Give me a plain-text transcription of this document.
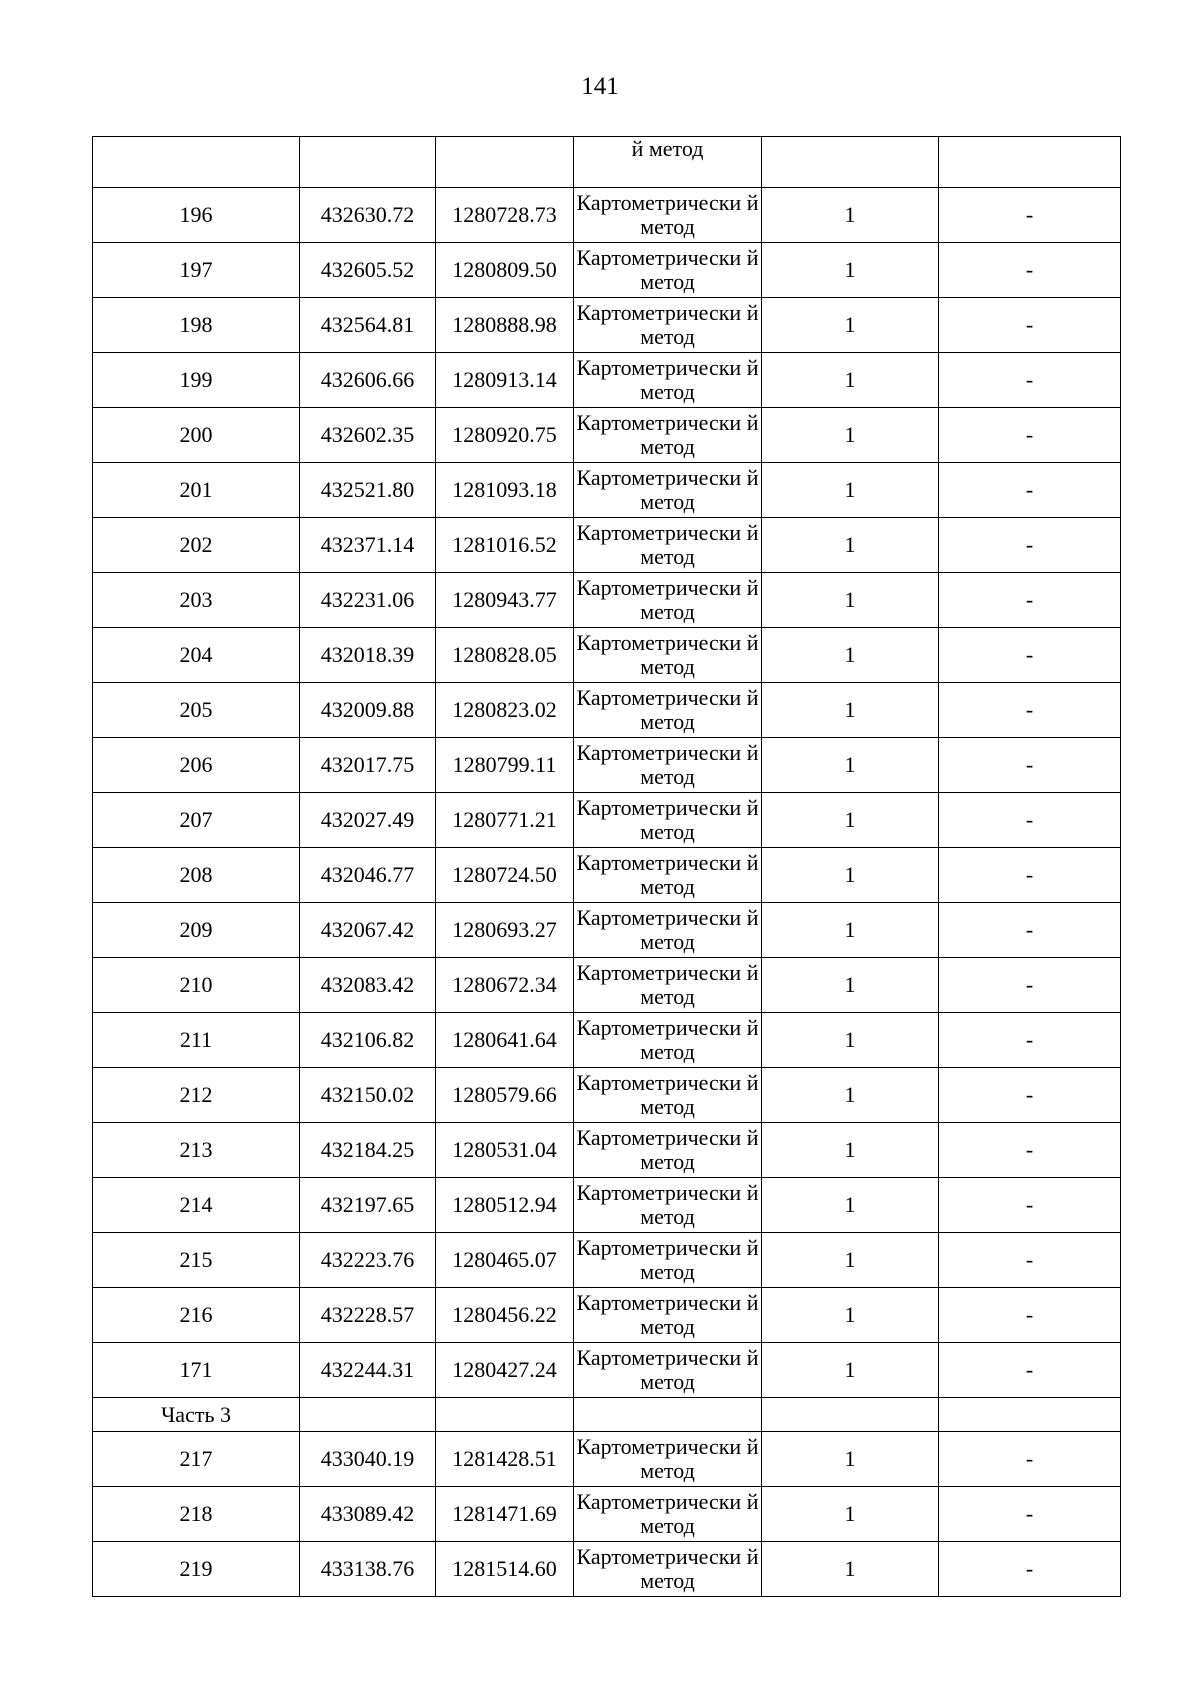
141
			й метод		
196	432630.72	1280728.73	Картометрически й метод	1	-
197	432605.52	1280809.50	Картометрически й метод	1	-
198	432564.81	1280888.98	Картометрически й метод	1	-
199	432606.66	1280913.14	Картометрически й метод	1	-
200	432602.35	1280920.75	Картометрически й метод	1	-
201	432521.80	1281093.18	Картометрически й метод	1	-
202	432371.14	1281016.52	Картометрически й метод	1	-
203	432231.06	1280943.77	Картометрически й метод	1	-
204	432018.39	1280828.05	Картометрически й метод	1	-
205	432009.88	1280823.02	Картометрически й метод	1	-
206	432017.75	1280799.11	Картометрически й метод	1	-
207	432027.49	1280771.21	Картометрически й метод	1	-
208	432046.77	1280724.50	Картометрически й метод	1	-
209	432067.42	1280693.27	Картометрически й метод	1	-
210	432083.42	1280672.34	Картометрически й метод	1	-
211	432106.82	1280641.64	Картометрически й метод	1	-
212	432150.02	1280579.66	Картометрически й метод	1	-
213	432184.25	1280531.04	Картометрически й метод	1	-
214	432197.65	1280512.94	Картометрически й метод	1	-
215	432223.76	1280465.07	Картометрически й метод	1	-
216	432228.57	1280456.22	Картометрически й метод	1	-
171	432244.31	1280427.24	Картометрически й метод	1	-
Часть 3					
217	433040.19	1281428.51	Картометрически й метод	1	-
218	433089.42	1281471.69	Картометрически й метод	1	-
219	433138.76	1281514.60	Картометрически й метод	1	-
